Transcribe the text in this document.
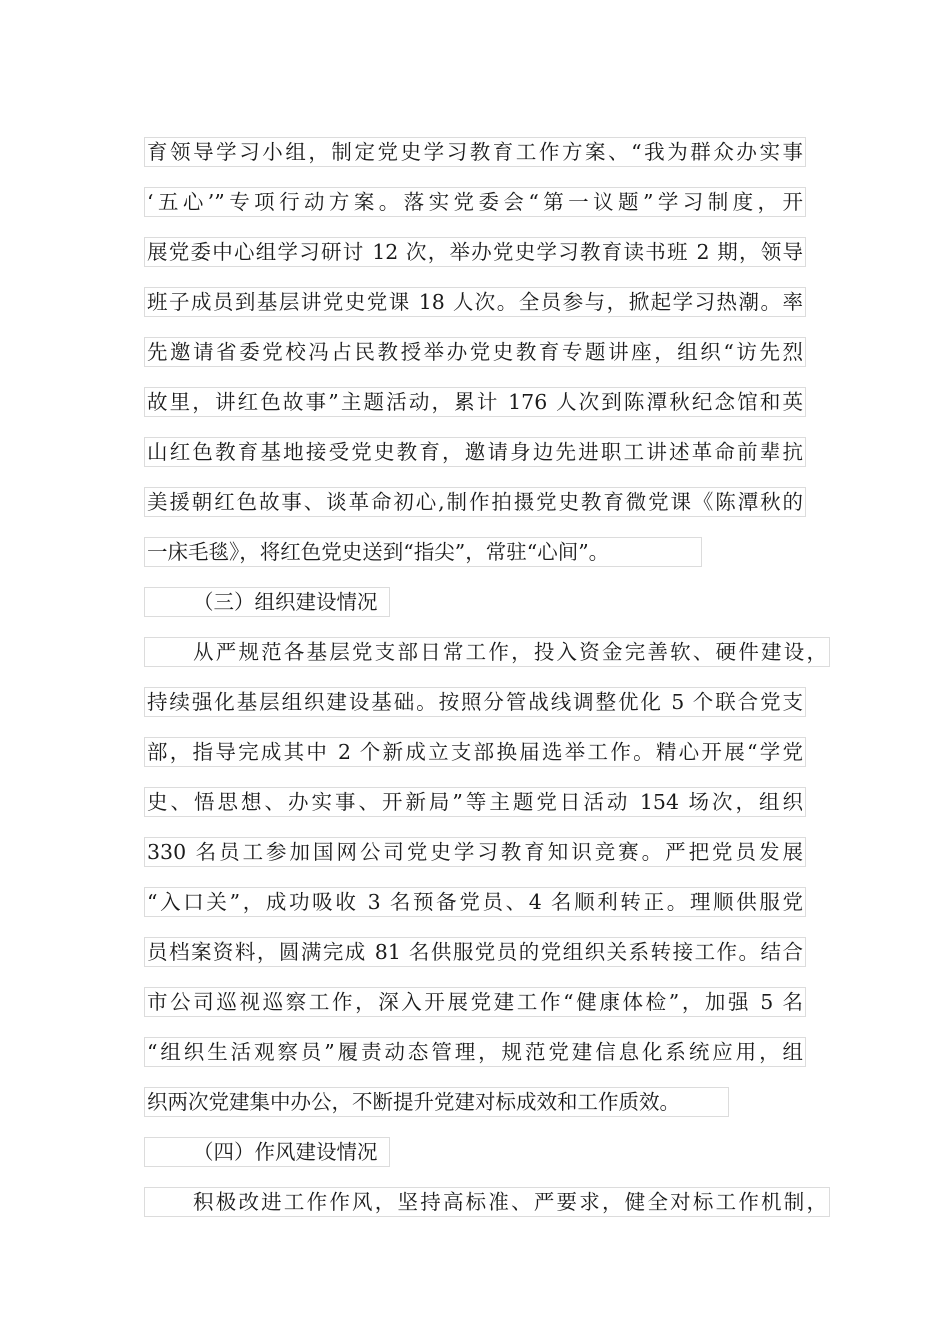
育领导学习小组，制定党史学习教育工作方案、“我为群众办实事
‘五心’”专项行动方案。落实党委会“第一议题”学习制度，开
展党委中心组学习研讨 12 次，举办党史学习教育读书班 2 期，领导
班子成员到基层讲党史党课 18 人次。全员参与，掀起学习热潮。率
先邀请省委党校冯占民教授举办党史教育专题讲座，组织“访先烈
故里，讲红色故事”主题活动，累计 176 人次到陈潭秋纪念馆和英
山红色教育基地接受党史教育，邀请身边先进职工讲述革命前辈抗
美援朝红色故事、谈革命初心,制作拍摄党史教育微党课《陈潭秋的
一床毛毯》，将红色党史送到“指尖”，常驻“心间”。
（三）组织建设情况
从严规范各基层党支部日常工作，投入资金完善软、硬件建设，
持续强化基层组织建设基础。按照分管战线调整优化 5 个联合党支
部，指导完成其中 2 个新成立支部换届选举工作。精心开展“学党
史、悟思想、办实事、开新局”等主题党日活动 154 场次，组织
330 名员工参加国网公司党史学习教育知识竞赛。严把党员发展
“入口关”，成功吸收 3 名预备党员、4 名顺利转正。理顺供服党
员档案资料，圆满完成 81 名供服党员的党组织关系转接工作。结合
市公司巡视巡察工作，深入开展党建工作“健康体检”，加强 5 名
“组织生活观察员”履责动态管理，规范党建信息化系统应用，组
织两次党建集中办公，不断提升党建对标成效和工作质效。
（四）作风建设情况
积极改进工作作风，坚持高标准、严要求，健全对标工作机制，
